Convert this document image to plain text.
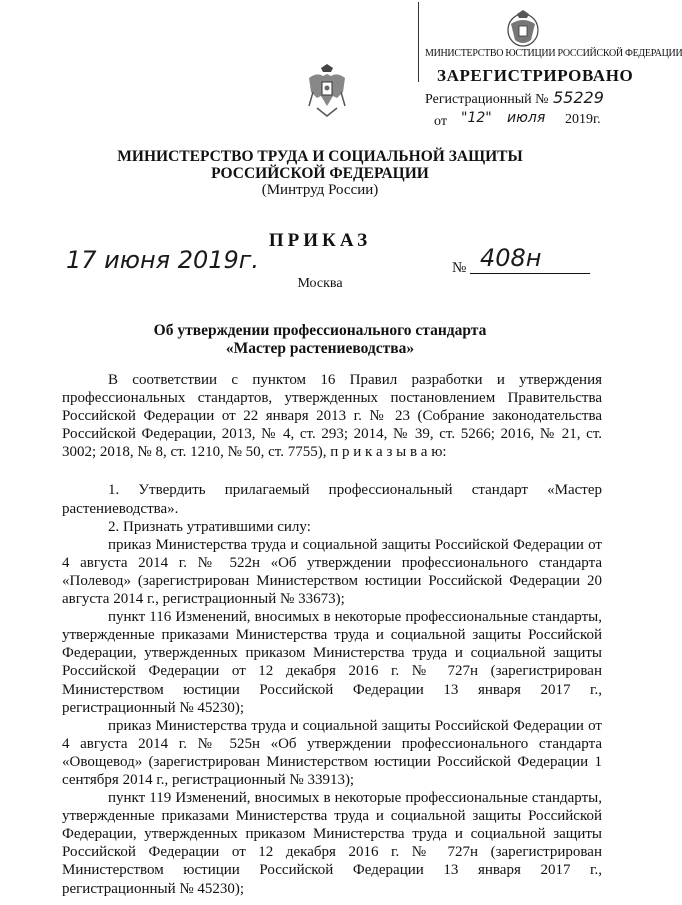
МИНИСТЕРСТВО ЮСТИЦИИ РОССИЙСКОЙ ФЕДЕРАЦИИ
ЗАРЕГИСТРИРОВАНО
Регистрационный № 55229
от "12" июля 2019г.
МИНИСТЕРСТВО ТРУДА И СОЦИАЛЬНОЙ ЗАЩИТЫ
РОССИЙСКОЙ ФЕДЕРАЦИИ
(Минтруд России)
ПРИКАЗ
17 июня 2019г.	№ 408н
Москва
Об утверждении профессионального стандарта
«Мастер растениеводства»

В соответствии с пунктом 16 Правил разработки и утверждения профессиональных стандартов, утвержденных постановлением Правительства Российской Федерации от 22 января 2013 г. № 23 (Собрание законодательства Российской Федерации, 2013, № 4, ст. 293; 2014, № 39, ст. 5266; 2016, № 21, ст. 3002; 2018, № 8, ст. 1210, № 50, ст. 7755), п р и к а з ы в а ю:

1. Утвердить прилагаемый профессиональный стандарт «Мастер растениеводства».

2. Признать утратившими силу:

приказ Министерства труда и социальной защиты Российской Федерации от 4 августа 2014 г. № 522н «Об утверждении профессионального стандарта «Полевод» (зарегистрирован Министерством юстиции Российской Федерации 20 августа 2014 г., регистрационный № 33673);

пункт 116 Изменений, вносимых в некоторые профессиональные стандарты, утвержденные приказами Министерства труда и социальной защиты Российской Федерации, утвержденных приказом Министерства труда и социальной защиты Российской Федерации от 12 декабря 2016 г. № 727н (зарегистрирован Министерством юстиции Российской Федерации 13 января 2017 г., регистрационный № 45230);

приказ Министерства труда и социальной защиты Российской Федерации от 4 августа 2014 г. № 525н «Об утверждении профессионального стандарта «Овощевод» (зарегистрирован Министерством юстиции Российской Федерации 1 сентября 2014 г., регистрационный № 33913);

пункт 119 Изменений, вносимых в некоторые профессиональные стандарты, утвержденные приказами Министерства труда и социальной защиты Российской Федерации, утвержденных приказом Министерства труда и социальной защиты Российской Федерации от 12 декабря 2016 г. № 727н (зарегистрирован Министерством юстиции Российской Федерации 13 января 2017 г., регистрационный № 45230);
